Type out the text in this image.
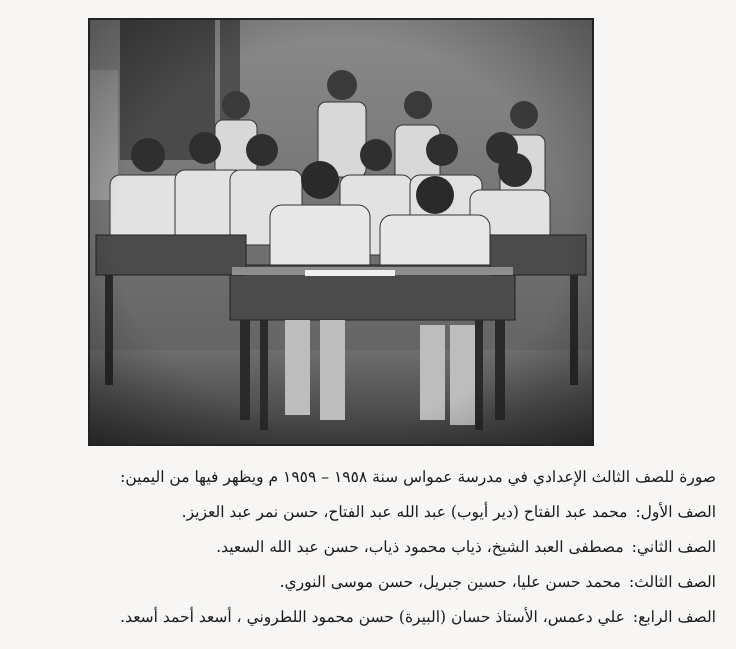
صورة للصف الثالث الإعدادي في مدرسة عمواس سنة ١٩٥٨ – ١٩٥٩ م ويظهر فيها من اليمين:
الصف الأول:محمد عبد الفتاح (دير أيوب) عبد الله عبد الفتاح، حسن نمر عبد العزيز.
الصف الثاني:مصطفى العبد الشيخ، ذياب محمود ذياب، حسن عبد الله السعيد.
الصف الثالث:محمد حسن عليا، حسين جبريل، حسن موسى النوري.
الصف الرابع:علي دعمس، الأستاذ حسان (البيرة) حسن محمود اللطروني ، أسعد أحمد أسعد.
